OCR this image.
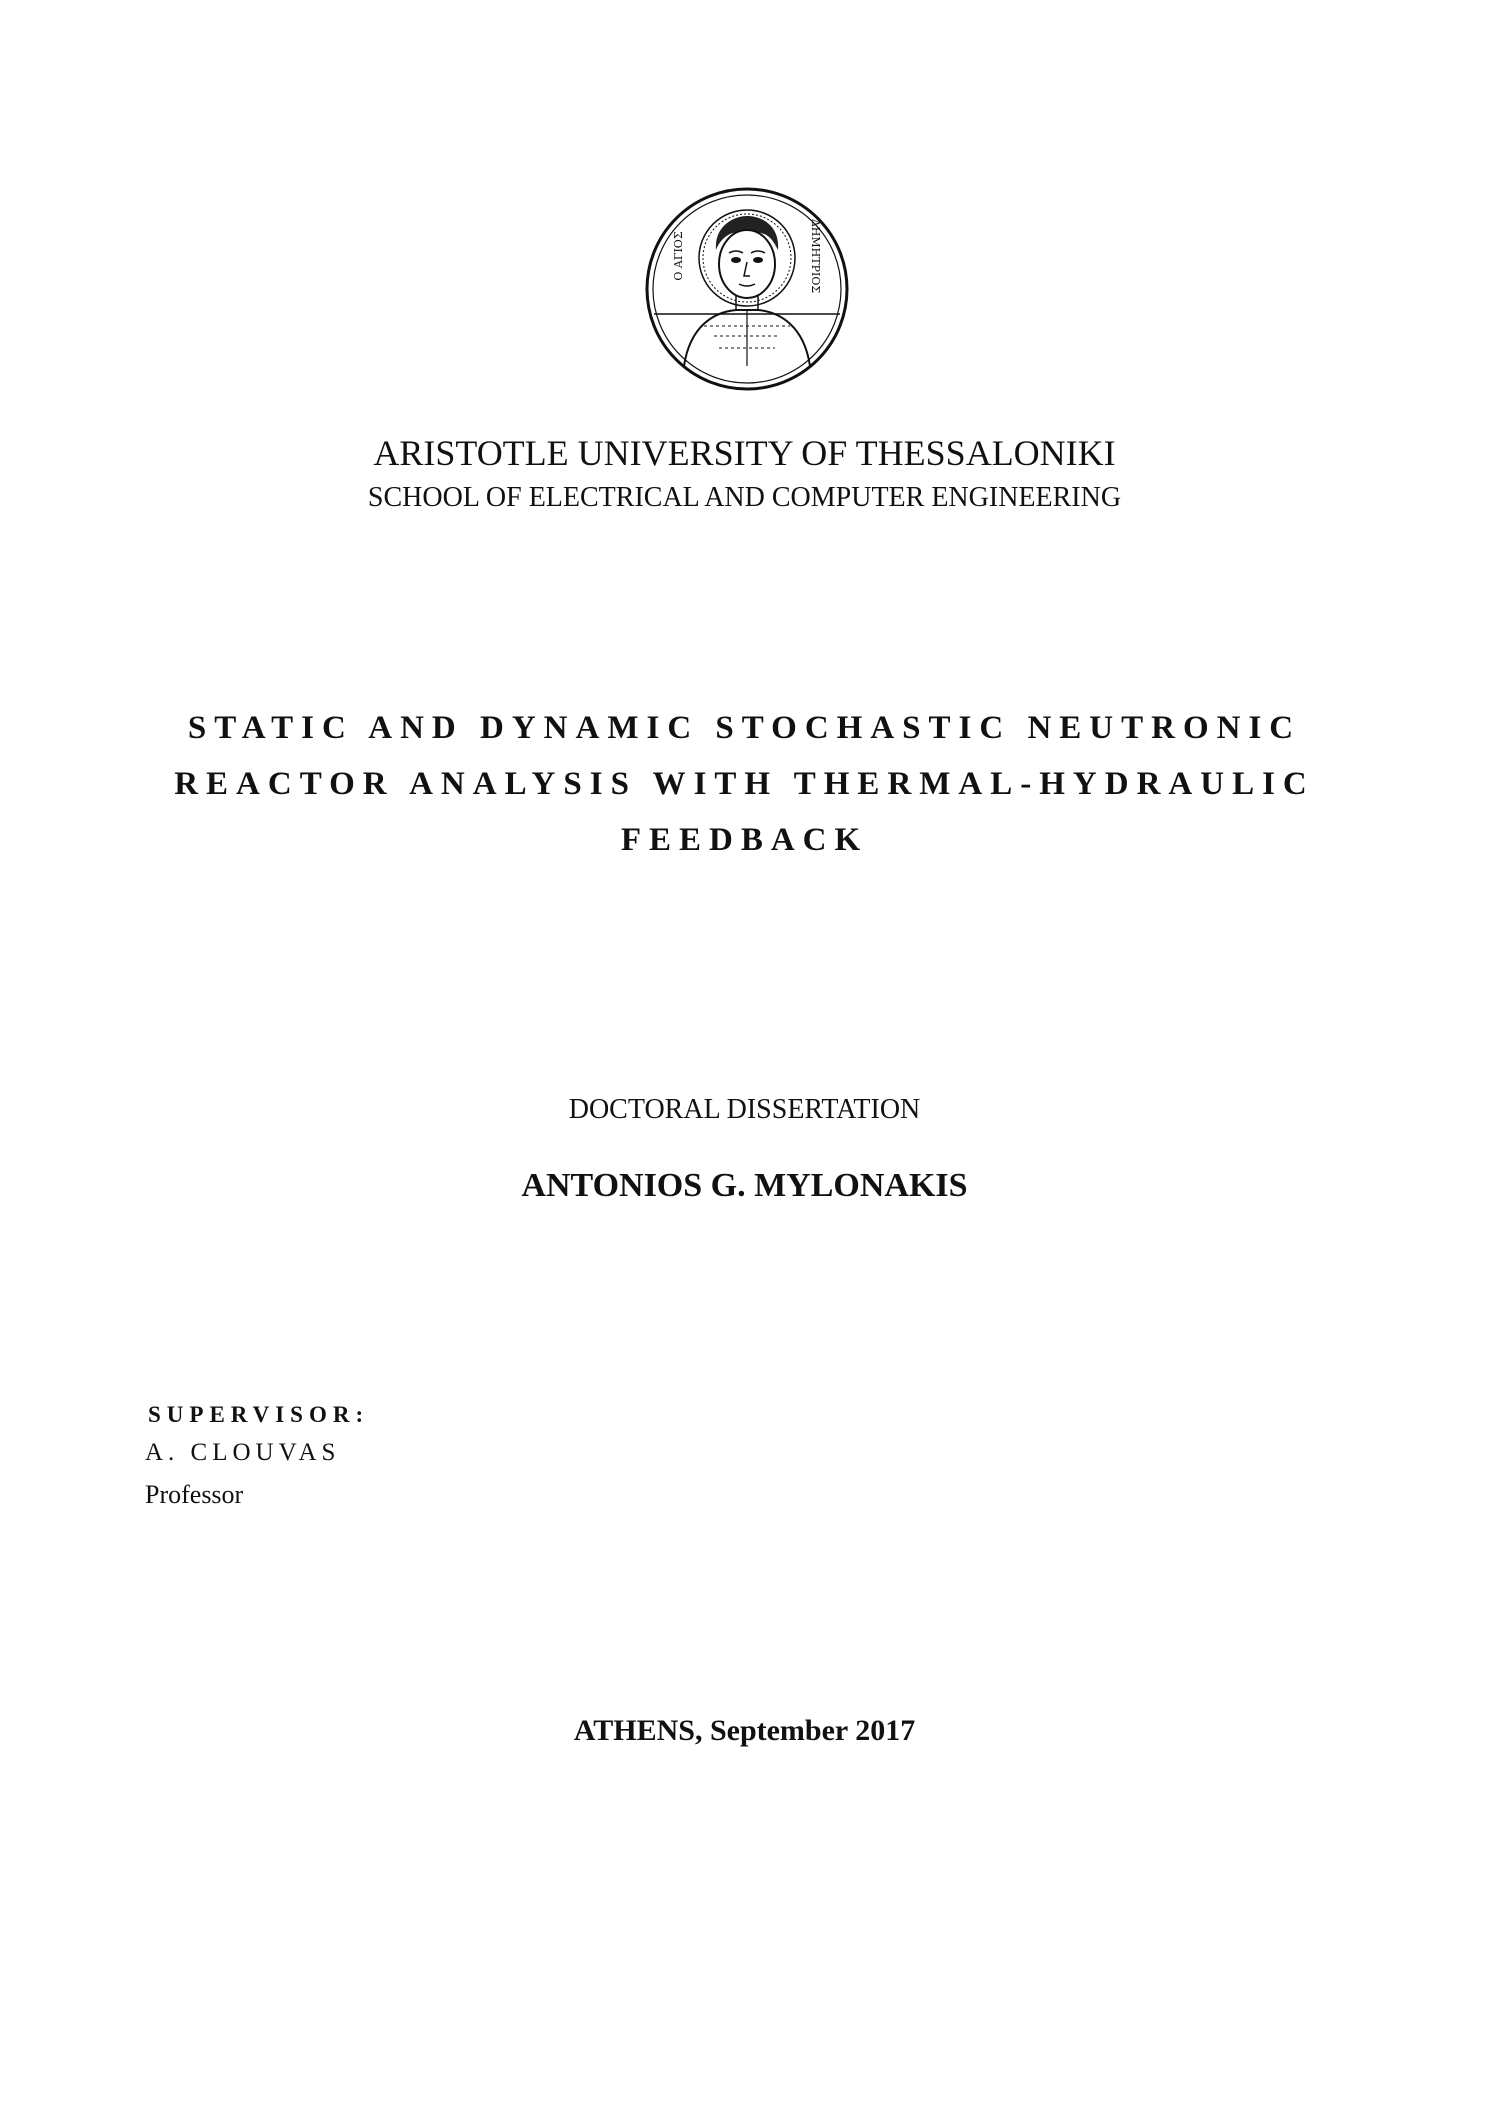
Ο ΑΓΙΟΣ	ΔΗΜΗΤΡΙΟΣ
ARISTOTLE UNIVERSITY OF THESSALONIKI
SCHOOL OF ELECTRICAL AND COMPUTER ENGINEERING
STATIC AND DYNAMIC STOCHASTIC NEUTRONIC
REACTOR ANALYSIS WITH THERMAL-HYDRAULIC
FEEDBACK
DOCTORAL DISSERTATION
ANTONIOS G. MYLONAKIS
SUPERVISOR:
A. CLOUVAS
Professor
ATHENS, September 2017
